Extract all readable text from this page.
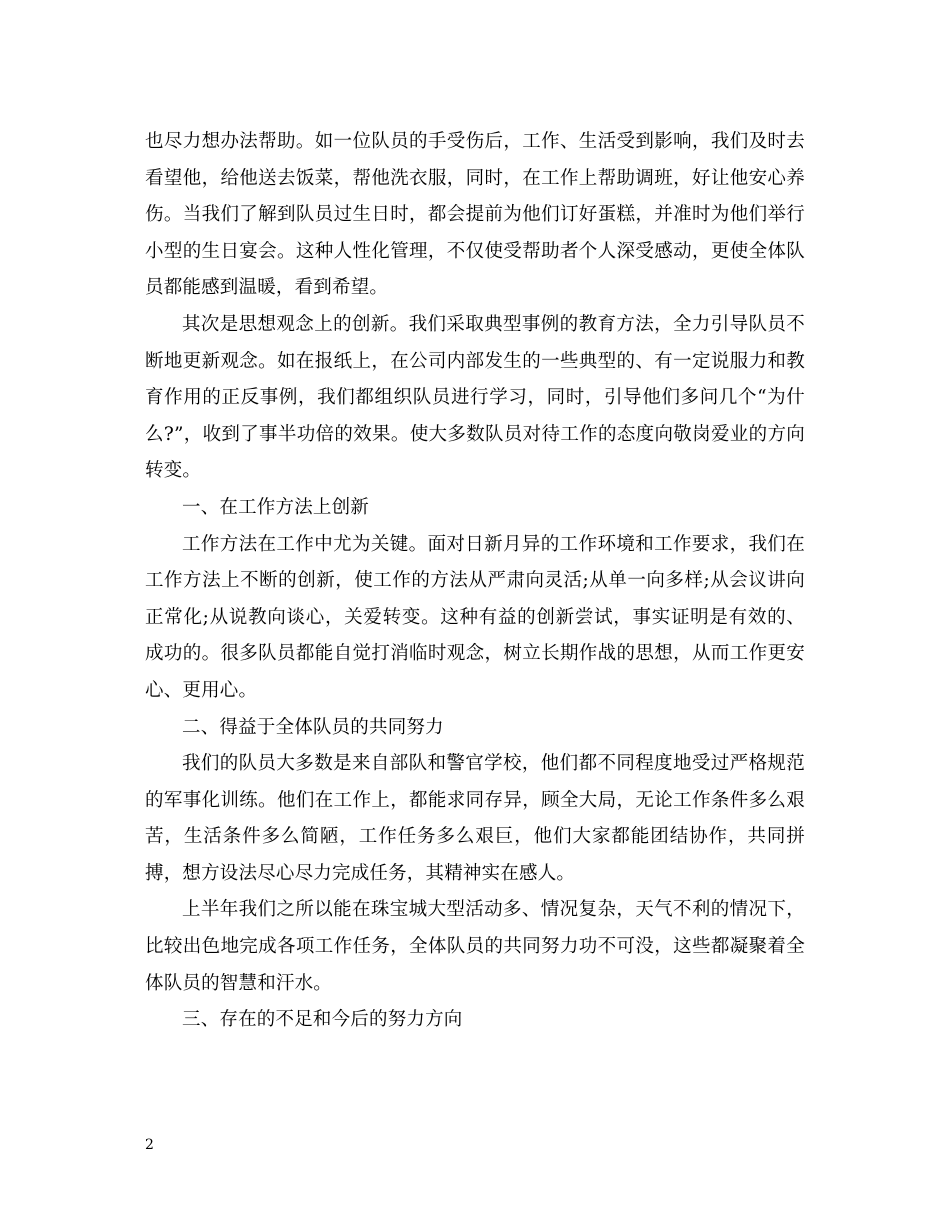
也尽力想办法帮助。如一位队员的手受伤后，工作、生活受到影响，我们及时去看望他，给他送去饭菜，帮他洗衣服，同时，在工作上帮助调班，好让他安心养伤。当我们了解到队员过生日时，都会提前为他们订好蛋糕，并准时为他们举行小型的生日宴会。这种人性化管理，不仅使受帮助者个人深受感动，更使全体队员都能感到温暖，看到希望。

其次是思想观念上的创新。我们采取典型事例的教育方法，全力引导队员不断地更新观念。如在报纸上，在公司内部发生的一些典型的、有一定说服力和教育作用的正反事例，我们都组织队员进行学习，同时，引导他们多问几个“为什么?”，收到了事半功倍的效果。使大多数队员对待工作的态度向敬岗爱业的方向转变。

一、在工作方法上创新

工作方法在工作中尤为关键。面对日新月异的工作环境和工作要求，我们在工作方法上不断的创新，使工作的方法从严肃向灵活;从单一向多样;从会议讲向正常化;从说教向谈心，关爱转变。这种有益的创新尝试，事实证明是有效的、成功的。很多队员都能自觉打消临时观念，树立长期作战的思想，从而工作更安心、更用心。

二、得益于全体队员的共同努力

我们的队员大多数是来自部队和警官学校，他们都不同程度地受过严格规范的军事化训练。他们在工作上，都能求同存异，顾全大局，无论工作条件多么艰苦，生活条件多么简陋，工作任务多么艰巨，他们大家都能团结协作，共同拼搏，想方设法尽心尽力完成任务，其精神实在感人。

上半年我们之所以能在珠宝城大型活动多、情况复杂，天气不利的情况下，比较出色地完成各项工作任务，全体队员的共同努力功不可没，这些都凝聚着全体队员的智慧和汗水。

三、存在的不足和今后的努力方向

2
